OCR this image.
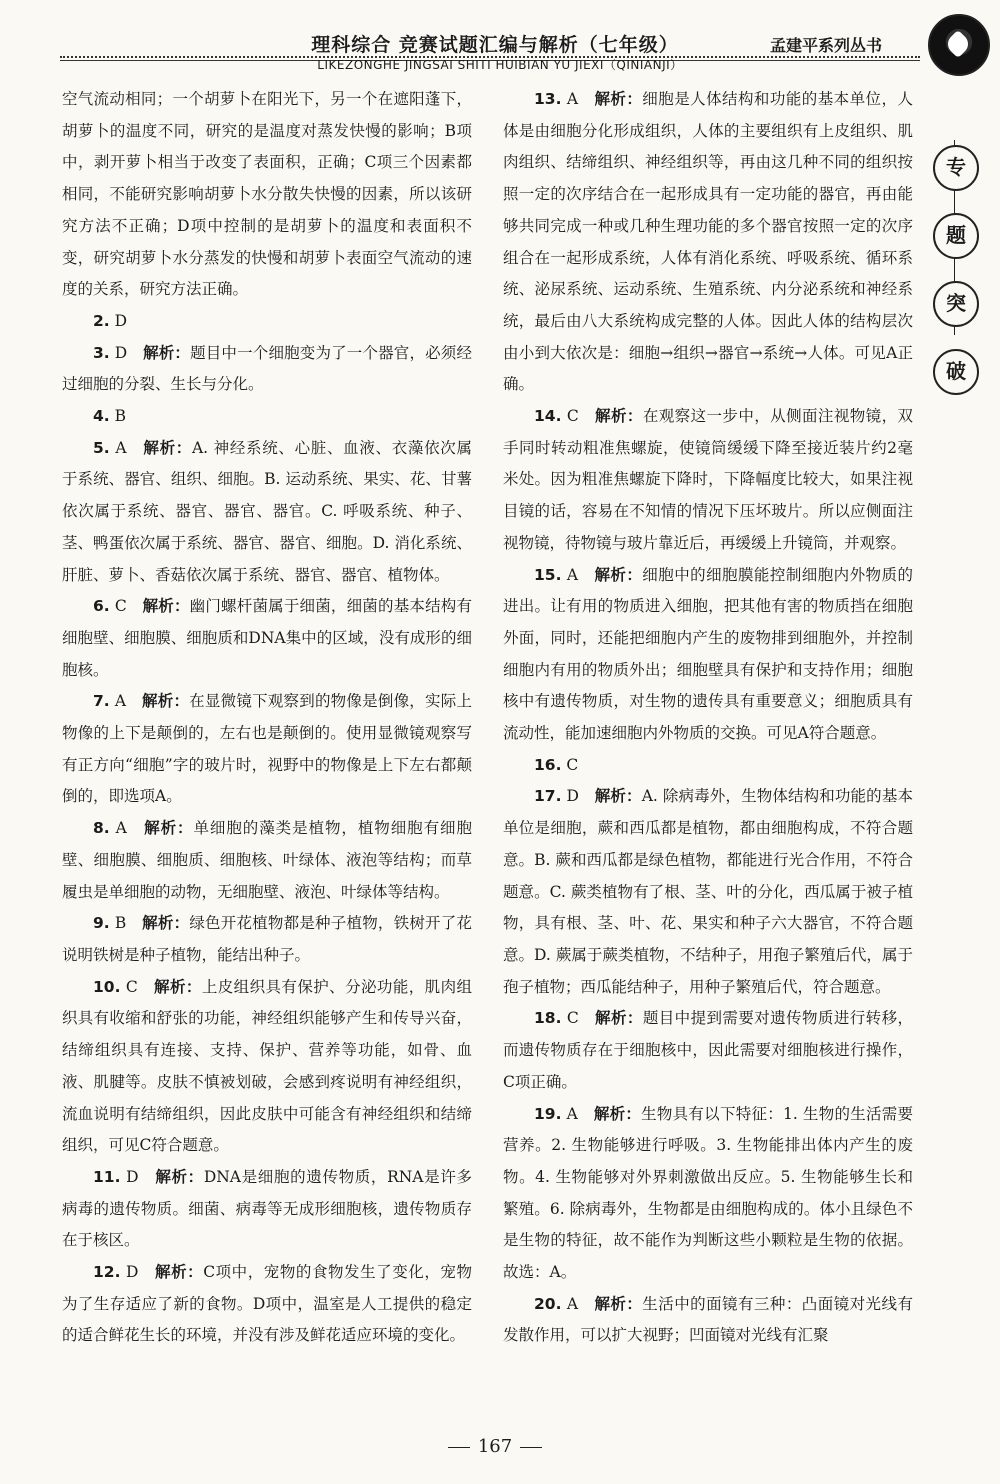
理科综合 竞赛试题汇编与解析（七年级）	孟建平系列丛书
LIKEZONGHE JINGSAI SHITI HUIBIAN YU JIEXI（QINIANJI）

空气流动相同；一个胡萝卜在阳光下，另一个在遮阳蓬下，胡萝卜的温度不同，研究的是温度对蒸发快慢的影响；B项中，剥开萝卜相当于改变了表面积，正确；C项三个因素都相同，不能研究影响胡萝卜水分散失快慢的因素，所以该研究方法不正确；D项中控制的是胡萝卜的温度和表面积不变，研究胡萝卜水分蒸发的快慢和胡萝卜表面空气流动的速度的关系，研究方法正确。

2. D　

3. D　 解析：题目中一个细胞变为了一个器官，必须经过细胞的分裂、生长与分化。

4. B　

5. A　 解析：A. 神经系统、心脏、血液、衣藻依次属于系统、器官、组织、细胞。B. 运动系统、果实、花、甘薯依次属于系统、器官、器官、器官。C. 呼吸系统、种子、茎、鸭蛋依次属于系统、器官、器官、细胞。D. 消化系统、肝脏、萝卜、香菇依次属于系统、器官、器官、植物体。

6. C　 解析：幽门螺杆菌属于细菌，细菌的基本结构有细胞壁、细胞膜、细胞质和DNA集中的区域，没有成形的细胞核。

7. A　 解析：在显微镜下观察到的物像是倒像，实际上物像的上下是颠倒的，左右也是颠倒的。使用显微镜观察写有正方向“细胞”字的玻片时，视野中的物像是上下左右都颠倒的，即选项A。

8. A　 解析：单细胞的藻类是植物，植物细胞有细胞壁、细胞膜、细胞质、细胞核、叶绿体、液泡等结构；而草履虫是单细胞的动物，无细胞壁、液泡、叶绿体等结构。

9. B　 解析：绿色开花植物都是种子植物，铁树开了花说明铁树是种子植物，能结出种子。

10. C　 解析：上皮组织具有保护、分泌功能，肌肉组织具有收缩和舒张的功能，神经组织能够产生和传导兴奋，结缔组织具有连接、支持、保护、营养等功能，如骨、血液、肌腱等。皮肤不慎被划破，会感到疼说明有神经组织，流血说明有结缔组织，因此皮肤中可能含有神经组织和结缔组织，可见C符合题意。

11. D　 解析：DNA是细胞的遗传物质，RNA是许多病毒的遗传物质。细菌、病毒等无成形细胞核，遗传物质存在于核区。

12. D　 解析：C项中，宠物的食物发生了变化，宠物为了生存适应了新的食物。D项中，温室是人工提供的稳定的适合鲜花生长的环境，并没有涉及鲜花适应环境的变化。

13. A　 解析：细胞是人体结构和功能的基本单位，人体是由细胞分化形成组织，人体的主要组织有上皮组织、肌肉组织、结缔组织、神经组织等，再由这几种不同的组织按照一定的次序结合在一起形成具有一定功能的器官，再由能够共同完成一种或几种生理功能的多个器官按照一定的次序组合在一起形成系统，人体有消化系统、呼吸系统、循环系统、泌尿系统、运动系统、生殖系统、内分泌系统和神经系统，最后由八大系统构成完整的人体。因此人体的结构层次由小到大依次是：细胞→组织→器官→系统→人体。可见A正确。

14. C　 解析：在观察这一步中，从侧面注视物镜，双手同时转动粗准焦螺旋，使镜筒缓缓下降至接近装片约2毫米处。因为粗准焦螺旋下降时，下降幅度比较大，如果注视目镜的话，容易在不知情的情况下压坏玻片。所以应侧面注视物镜，待物镜与玻片靠近后，再缓缓上升镜筒，并观察。

15. A　 解析：细胞中的细胞膜能控制细胞内外物质的进出。让有用的物质进入细胞，把其他有害的物质挡在细胞外面，同时，还能把细胞内产生的废物排到细胞外，并控制细胞内有用的物质外出；细胞壁具有保护和支持作用；细胞核中有遗传物质，对生物的遗传具有重要意义；细胞质具有流动性，能加速细胞内外物质的交换。可见A符合题意。

16. C　

17. D　 解析：A. 除病毒外，生物体结构和功能的基本单位是细胞，蕨和西瓜都是植物，都由细胞构成，不符合题意。B. 蕨和西瓜都是绿色植物，都能进行光合作用，不符合题意。C. 蕨类植物有了根、茎、叶的分化，西瓜属于被子植物，具有根、茎、叶、花、果实和种子六大器官，不符合题意。D. 蕨属于蕨类植物，不结种子，用孢子繁殖后代，属于孢子植物；西瓜能结种子，用种子繁殖后代，符合题意。

18. C　 解析：题目中提到需要对遗传物质进行转移，而遗传物质存在于细胞核中，因此需要对细胞核进行操作，C项正确。

19. A　 解析：生物具有以下特征：1. 生物的生活需要营养。2. 生物能够进行呼吸。3. 生物能排出体内产生的废物。4. 生物能够对外界刺激做出反应。5. 生物能够生长和繁殖。6. 除病毒外，生物都是由细胞构成的。体小且绿色不是生物的特征，故不能作为判断这些小颗粒是生物的依据。故选：A。

20. A　 解析：生活中的面镜有三种：凸面镜对光线有发散作用，可以扩大视野；凹面镜对光线有汇聚

专
题
突
破
167
